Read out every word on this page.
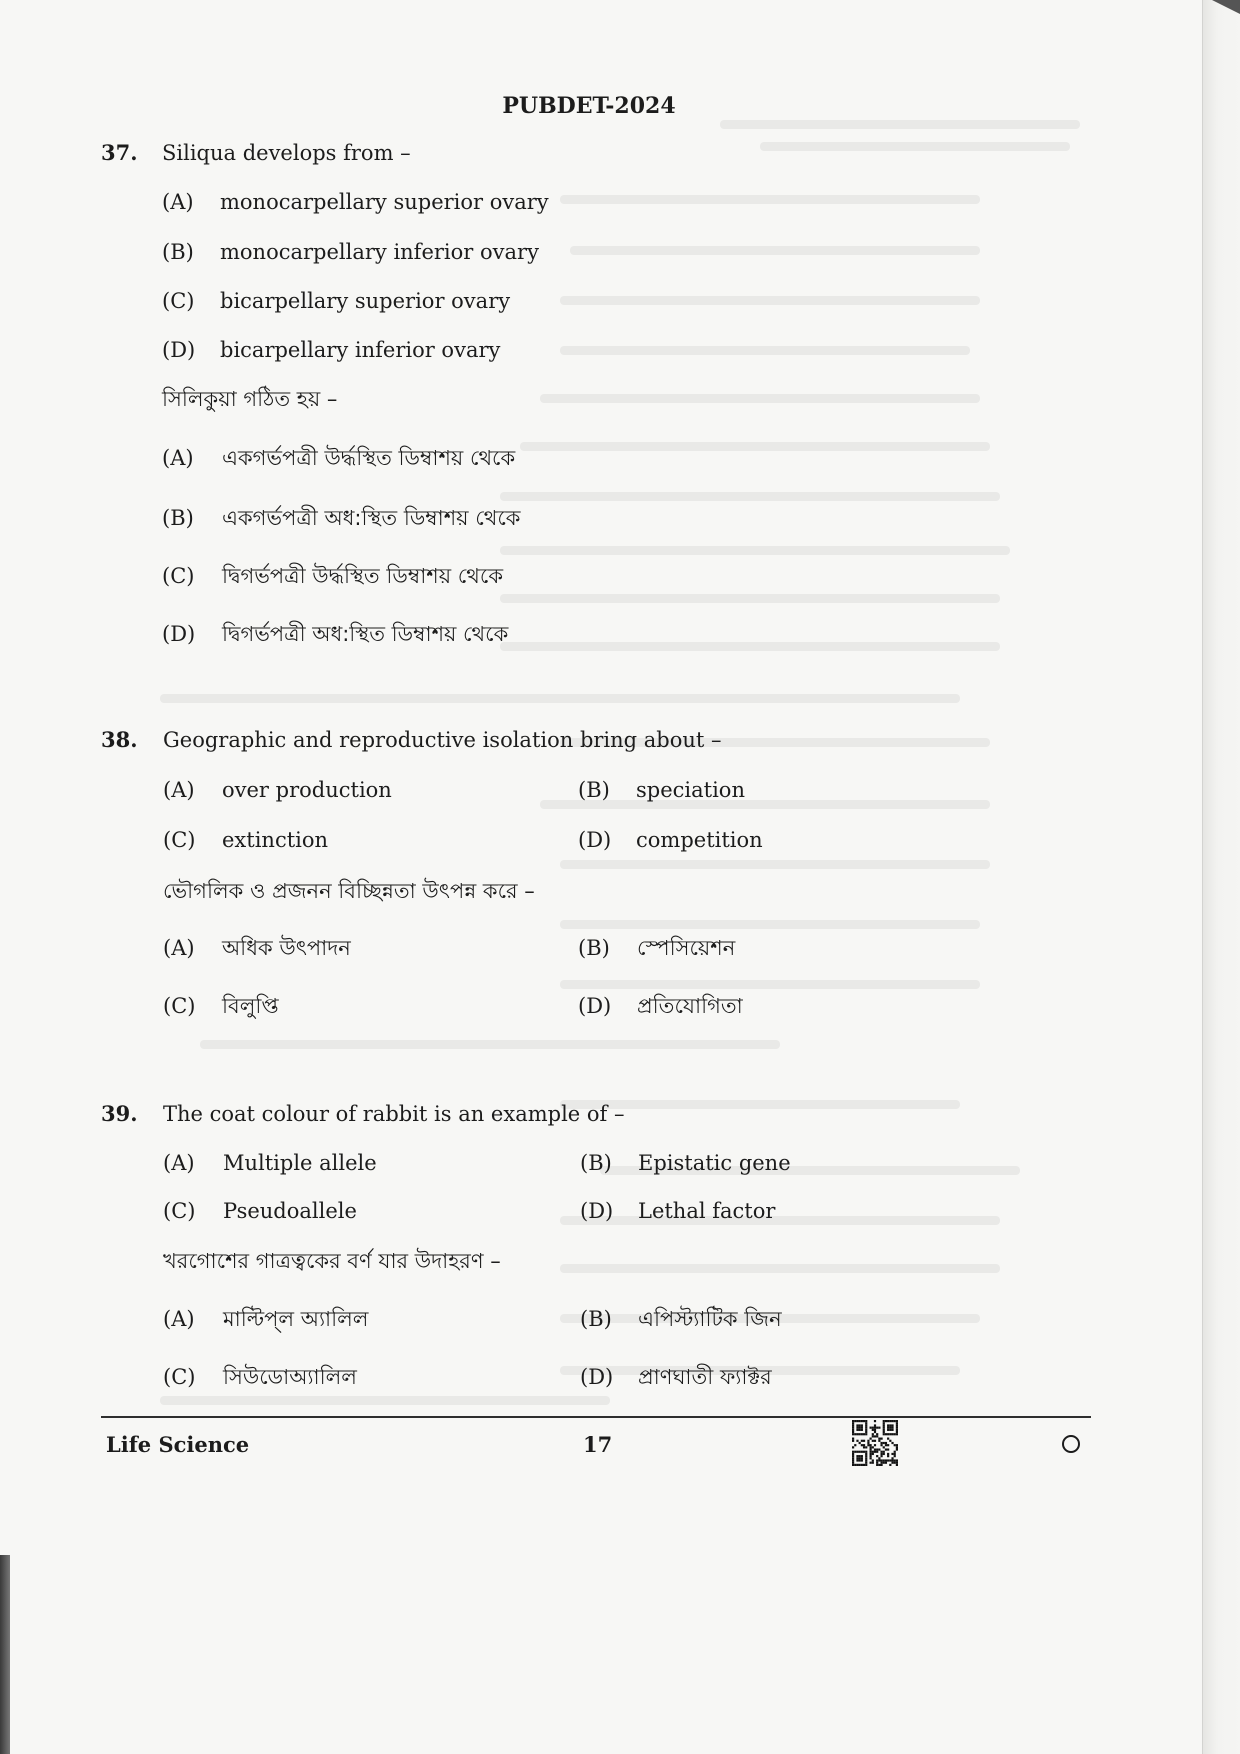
PUBDET-2024
37. Siliqua develops from –
(A) monocarpellary superior ovary
(B) monocarpellary inferior ovary
(C) bicarpellary superior ovary
(D) bicarpellary inferior ovary
সিলিকুয়া গঠিত হয় –
(A) একগর্ভপত্রী উর্দ্ধস্থিত ডিম্বাশয় থেকে
(B) একগর্ভপত্রী অধ:স্থিত ডিম্বাশয় থেকে
(C) দ্বিগর্ভপত্রী উর্দ্ধস্থিত ডিম্বাশয় থেকে
(D) দ্বিগর্ভপত্রী অধ:স্থিত ডিম্বাশয় থেকে
38. Geographic and reproductive isolation bring about –
(A) over production	(B) speciation
(C) extinction	(D) competition
ভৌগলিক ও প্রজনন বিচ্ছিন্নতা উৎপন্ন করে –
(A) অধিক উৎপাদন	(B) স্পেসিয়েশন
(C) বিলুপ্তি	(D) প্রতিযোগিতা
39. The coat colour of rabbit is an example of –
(A) Multiple allele	(B) Epistatic gene
(C) Pseudoallele	(D) Lethal factor
খরগোশের গাত্রত্বকের বর্ণ যার উদাহরণ –
(A) মাল্টিপ্‌ল অ্যালিল	(B) এপিস্ট্যাটিক জিন
(C) সিউডোঅ্যালিল	(D) প্রাণঘাতী ফ্যাক্টর
Life Science	17
